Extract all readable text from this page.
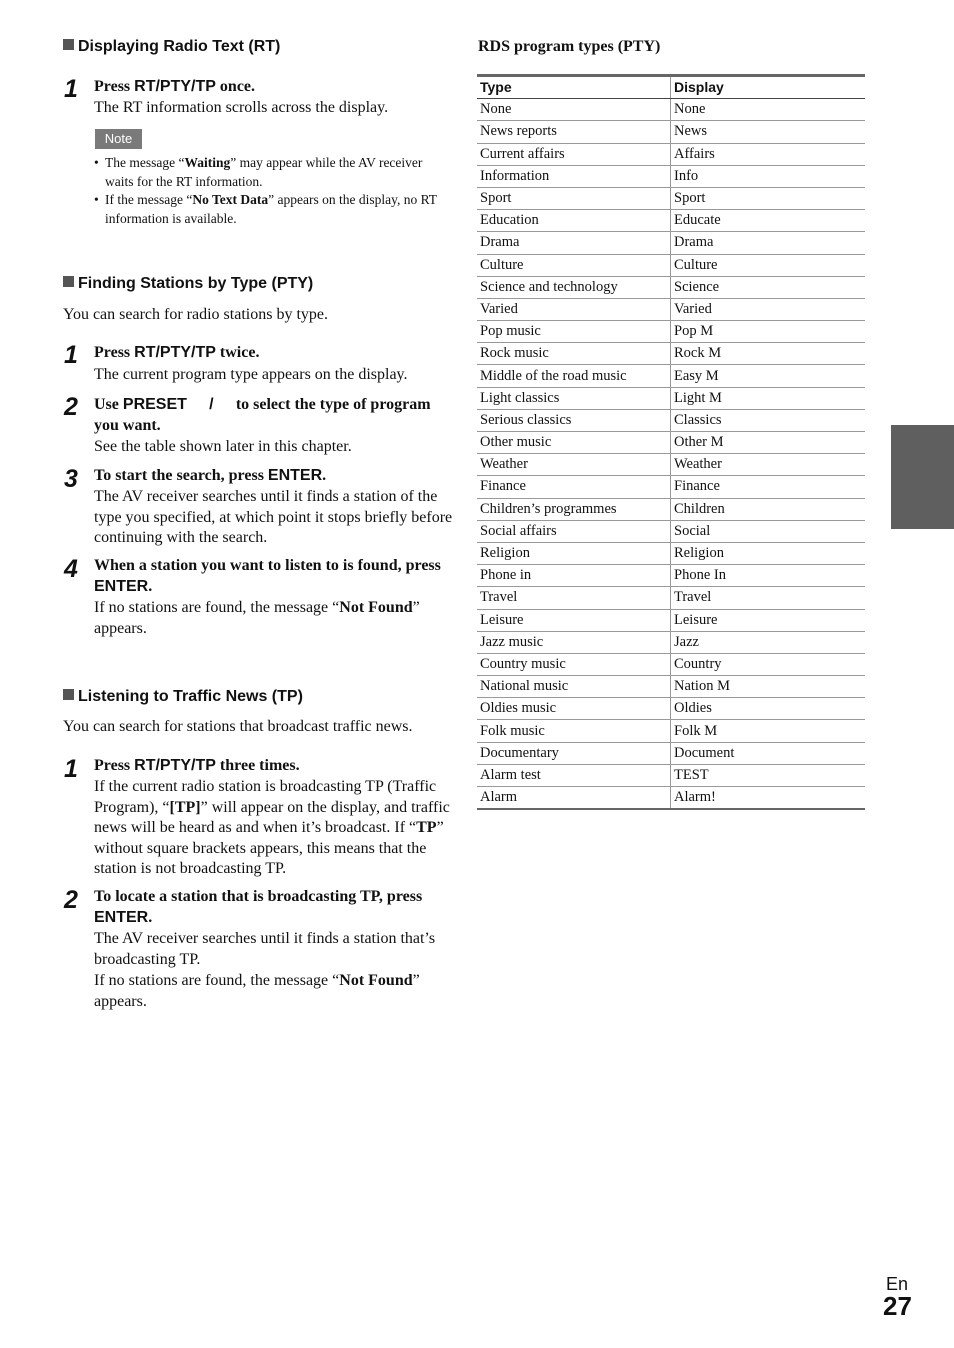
Displaying Radio Text (RT)
1 Press RT/PTY/TP once.
The RT information scrolls across the display.
Note
• The message “Waiting” may appear while the AV receiver waits for the RT information.
• If the message “No Text Data” appears on the display, no RT information is available.
Finding Stations by Type (PTY)
You can search for radio stations by type.
1 Press RT/PTY/TP twice.
The current program type appears on the display.
2 Use PRESET     /     to select the type of program you want.
See the table shown later in this chapter.
3 To start the search, press ENTER.
The AV receiver searches until it finds a station of the type you specified, at which point it stops briefly before continuing with the search.
4 When a station you want to listen to is found, press ENTER.
If no stations are found, the message “Not Found” appears.
Listening to Traffic News (TP)
You can search for stations that broadcast traffic news.
1 Press RT/PTY/TP three times.
If the current radio station is broadcasting TP (Traffic Program), “[TP]” will appear on the display, and traffic news will be heard as and when it’s broadcast. If “TP” without square brackets appears, this means that the station is not broadcasting TP.
2 To locate a station that is broadcasting TP, press ENTER.
The AV receiver searches until it finds a station that’s broadcasting TP.
If no stations are found, the message “Not Found” appears.
RDS program types (PTY)
Type	Display
None	None
News reports	News
Current affairs	Affairs
Information	Info
Sport	Sport
Education	Educate
Drama	Drama
Culture	Culture
Science and technology	Science
Varied	Varied
Pop music	Pop M
Rock music	Rock M
Middle of the road music	Easy M
Light classics	Light M
Serious classics	Classics
Other music	Other M
Weather	Weather
Finance	Finance
Children’s programmes	Children
Social affairs	Social
Religion	Religion
Phone in	Phone In
Travel	Travel
Leisure	Leisure
Jazz music	Jazz
Country music	Country
National music	Nation M
Oldies music	Oldies
Folk music	Folk M
Documentary	Document
Alarm test	TEST
Alarm	Alarm!
En
27
